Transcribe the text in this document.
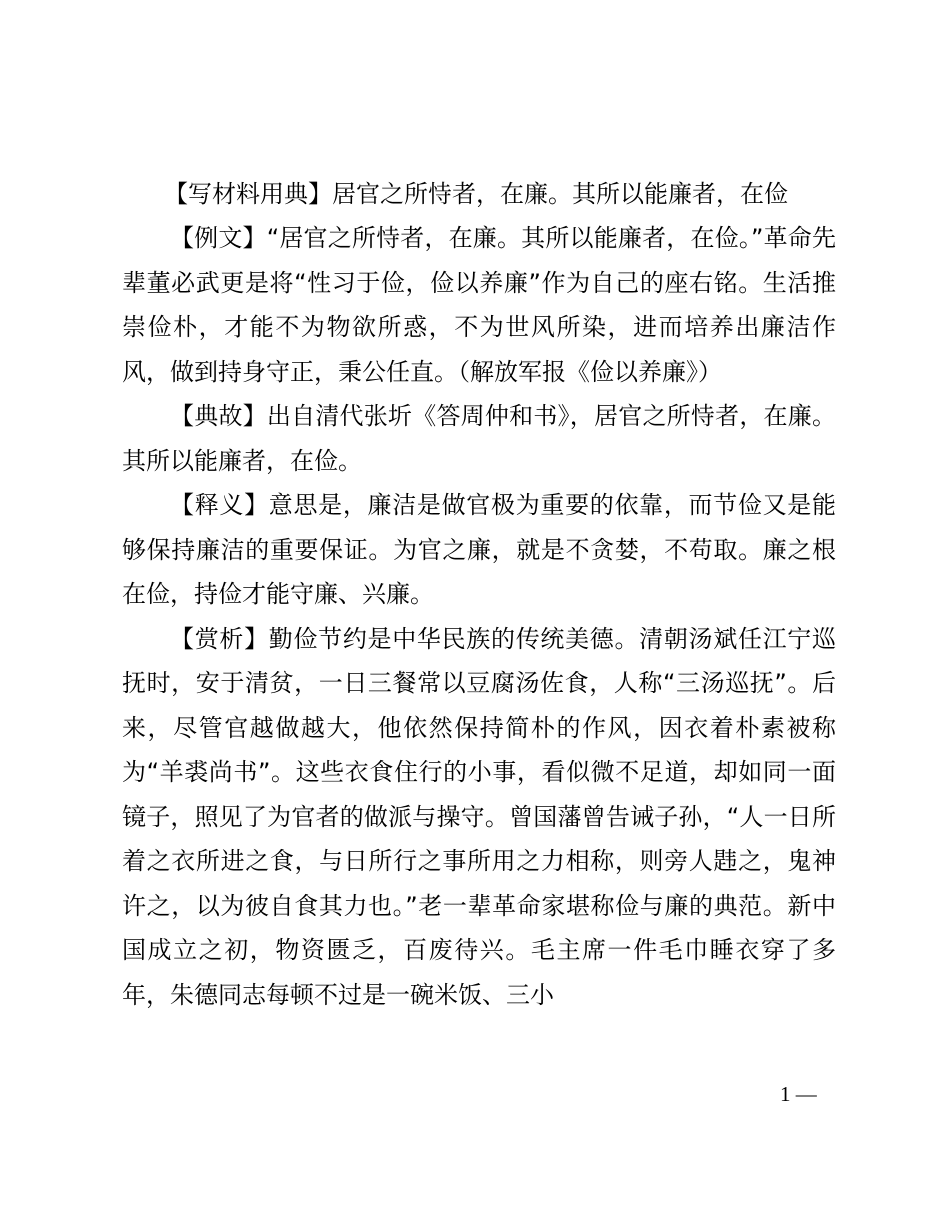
【写材料用典】居官之所恃者，在廉。其所以能廉者，在俭

【例文】“居官之所恃者，在廉。其所以能廉者，在俭。”革命先辈董必武更是将“性习于俭，俭以养廉”作为自己的座右铭。生活推崇俭朴，才能不为物欲所惑，不为世风所染，进而培养出廉洁作风，做到持身守正，秉公任直。（解放军报《俭以养廉》）

【典故】出自清代张圻《答周仲和书》，居官之所恃者，在廉。其所以能廉者，在俭。

【释义】意思是，廉洁是做官极为重要的依靠，而节俭又是能够保持廉洁的重要保证。为官之廉，就是不贪婪，不苟取。廉之根在俭，持俭才能守廉、兴廉。

【赏析】勤俭节约是中华民族的传统美德。清朝汤斌任江宁巡抚时，安于清贫，一日三餐常以豆腐汤佐食，人称“三汤巡抚”。后来，尽管官越做越大，他依然保持简朴的作风，因衣着朴素被称为“羊裘尚书”。这些衣食住行的小事，看似微不足道，却如同一面镜子，照见了为官者的做派与操守。曾国藩曾告诫子孙，“人一日所着之衣所进之食，与日所行之事所用之力相称，则旁人韪之，鬼神许之，以为彼自食其力也。”老一辈革命家堪称俭与廉的典范。新中国成立之初，物资匮乏，百废待兴。毛主席一件毛巾睡衣穿了多年，朱德同志每顿不过是一碗米饭、三小

1 —
